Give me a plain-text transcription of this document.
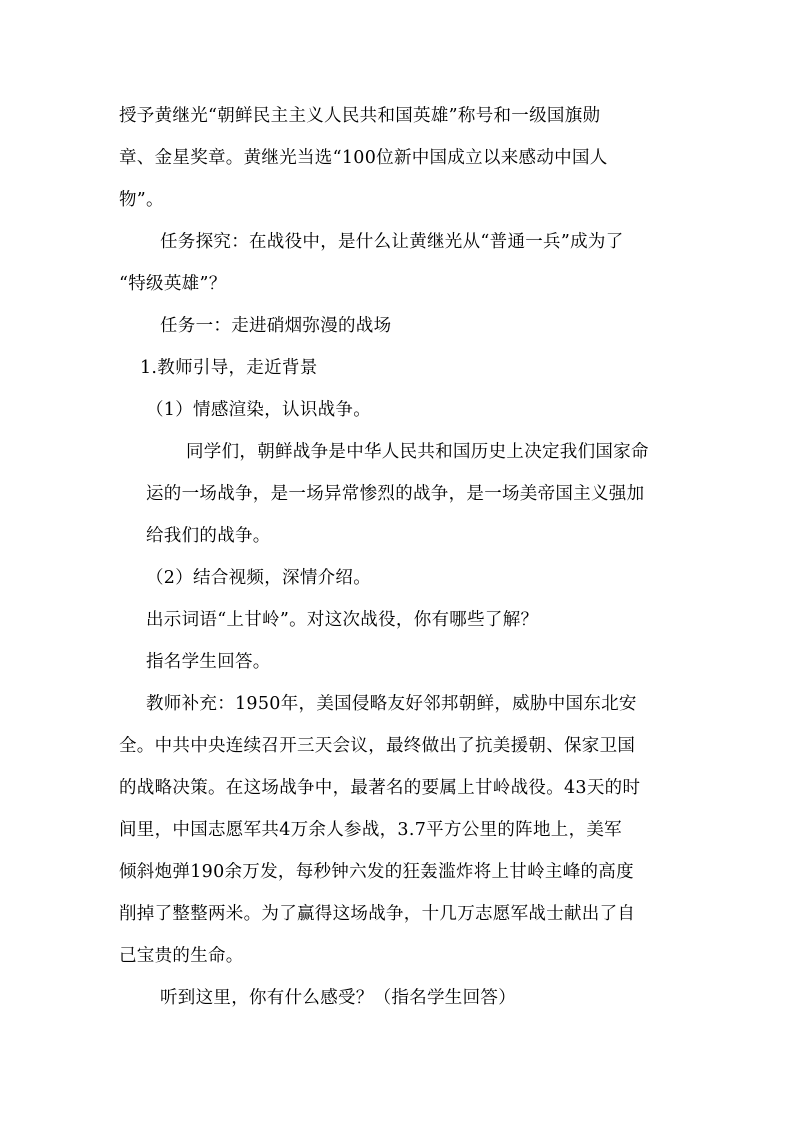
授予黄继光“朝鲜民主主义人民共和国英雄”称号和一级国旗勋
章、金星奖章。黄继光当选“100位新中国成立以来感动中国人
物”。
任务探究：在战役中，是什么让黄继光从“普通一兵”成为了
“特级英雄”？
任务一：走进硝烟弥漫的战场
1.教师引导，走近背景
（1）情感渲染，认识战争。
同学们，朝鲜战争是中华人民共和国历史上决定我们国家命
运的一场战争，是一场异常惨烈的战争，是一场美帝国主义强加
给我们的战争。
（2）结合视频，深情介绍。
出示词语“上甘岭”。对这次战役，你有哪些了解？
指名学生回答。
教师补充：1950年，美国侵略友好邻邦朝鲜，威胁中国东北安
全。中共中央连续召开三天会议，最终做出了抗美援朝、保家卫国
的战略决策。在这场战争中，最著名的要属上甘岭战役。43天的时
间里，中国志愿军共4万余人参战，3.7平方公里的阵地上，美军
倾斜炮弹190余万发，每秒钟六发的狂轰滥炸将上甘岭主峰的高度
削掉了整整两米。为了赢得这场战争，十几万志愿军战士献出了自
己宝贵的生命。
听到这里，你有什么感受？（指名学生回答）
